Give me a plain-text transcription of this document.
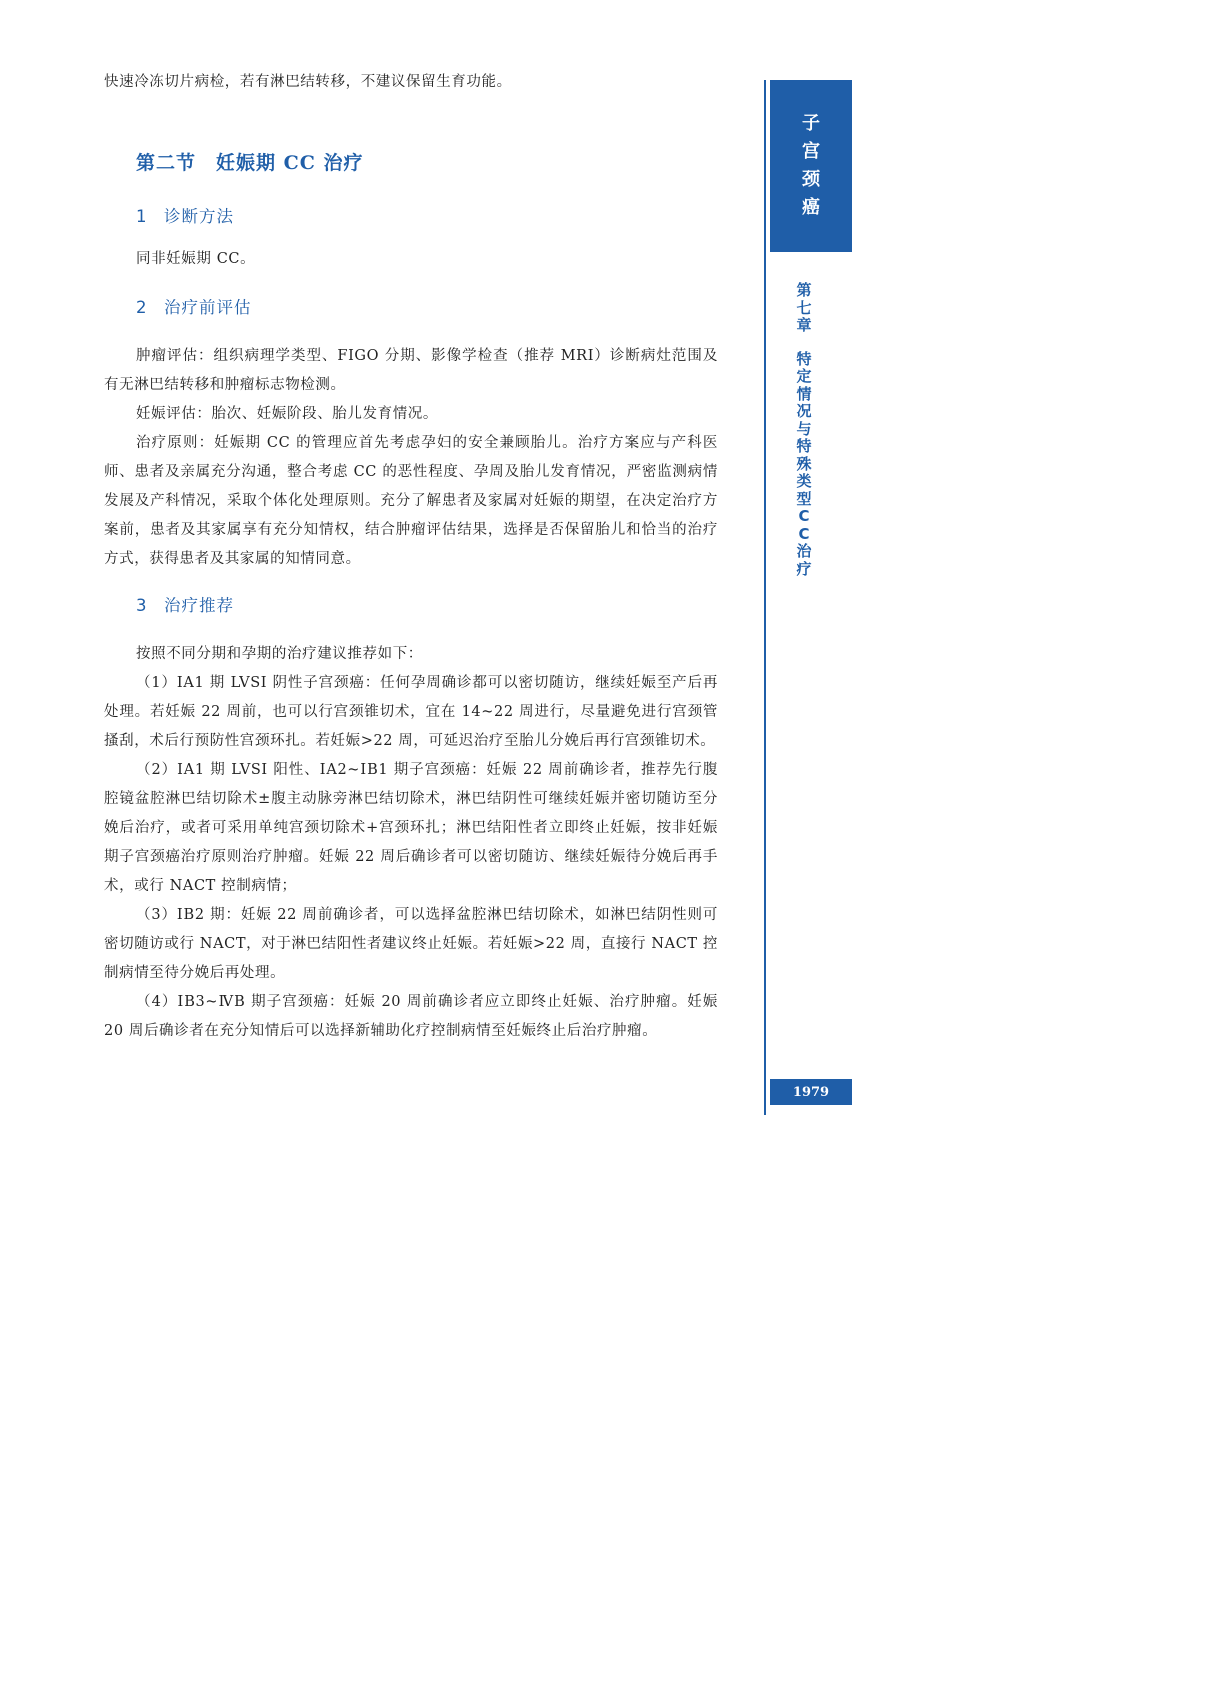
快速冷冻切片病检，若有淋巴结转移，不建议保留生育功能。

第二节　妊娠期 CC 治疗
1 诊断方法

同非妊娠期 CC。

2 治疗前评估

肿瘤评估：组织病理学类型、FIGO 分期、影像学检查（推荐 MRI）诊断病灶范围及有无淋巴结转移和肿瘤标志物检测。

妊娠评估：胎次、妊娠阶段、胎儿发育情况。

治疗原则：妊娠期 CC 的管理应首先考虑孕妇的安全兼顾胎儿。治疗方案应与产科医师、患者及亲属充分沟通，整合考虑 CC 的恶性程度、孕周及胎儿发育情况，严密监测病情发展及产科情况，采取个体化处理原则。充分了解患者及家属对妊娠的期望，在决定治疗方案前，患者及其家属享有充分知情权，结合肿瘤评估结果，选择是否保留胎儿和恰当的治疗方式，获得患者及其家属的知情同意。

3 治疗推荐

按照不同分期和孕期的治疗建议推荐如下：

（1）ⅠA1 期 LVSI 阴性子宫颈癌：任何孕周确诊都可以密切随访，继续妊娠至产后再处理。若妊娠 22 周前，也可以行宫颈锥切术，宜在 14~22 周进行，尽量避免进行宫颈管搔刮，术后行预防性宫颈环扎。若妊娠>22 周，可延迟治疗至胎儿分娩后再行宫颈锥切术。

（2）ⅠA1 期 LVSI 阳性、ⅠA2~ⅠB1 期子宫颈癌：妊娠 22 周前确诊者，推荐先行腹腔镜盆腔淋巴结切除术±腹主动脉旁淋巴结切除术，淋巴结阴性可继续妊娠并密切随访至分娩后治疗，或者可采用单纯宫颈切除术+宫颈环扎；淋巴结阳性者立即终止妊娠，按非妊娠期子宫颈癌治疗原则治疗肿瘤。妊娠 22 周后确诊者可以密切随访、继续妊娠待分娩后再手术，或行 NACT 控制病情；

（3）ⅠB2 期：妊娠 22 周前确诊者，可以选择盆腔淋巴结切除术，如淋巴结阴性则可密切随访或行 NACT，对于淋巴结阳性者建议终止妊娠。若妊娠>22 周，直接行 NACT 控制病情至待分娩后再处理。

（4）ⅠB3~ⅣB 期子宫颈癌：妊娠 20 周前确诊者应立即终止妊娠、治疗肿瘤。妊娠 20 周后确诊者在充分知情后可以选择新辅助化疗控制病情至妊娠终止后治疗肿瘤。

子
宫
颈
癌
第
七
章
特
定
情
况
与
特
殊
类
型
C
C
治
疗
1979
